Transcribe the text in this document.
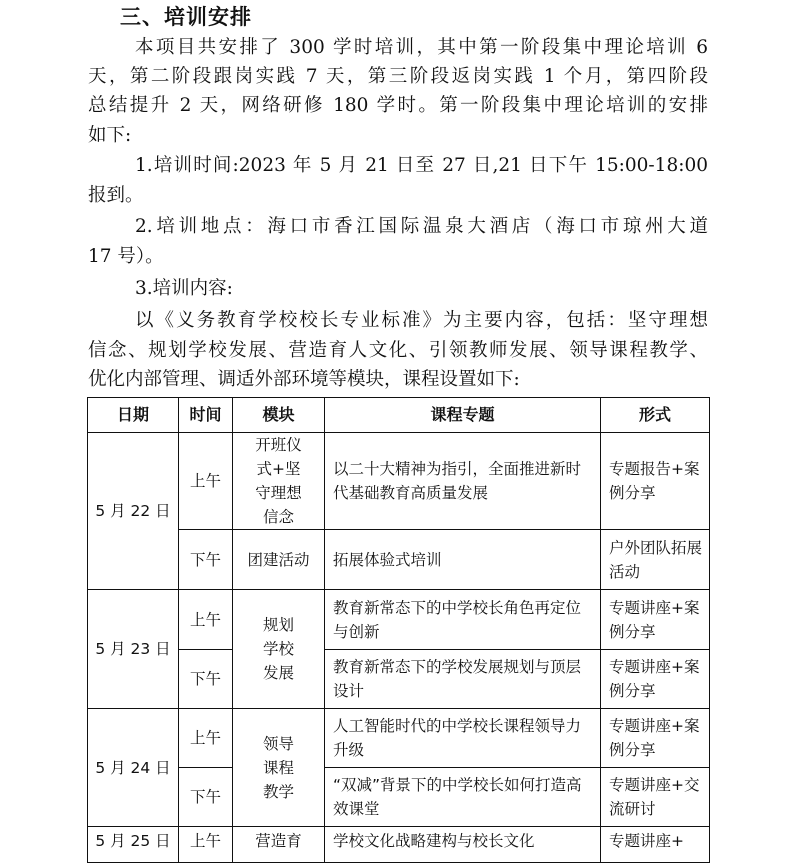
三、培训安排
本项目共安排了 300 学时培训，其中第一阶段集中理论培训 6
天，第二阶段跟岗实践 7 天，第三阶段返岗实践 1 个月，第四阶段
总结提升 2 天，网络研修 180 学时。第一阶段集中理论培训的安排
如下:
1.培训时间:2023 年 5 月 21 日至 27 日,21 日下午 15:00-18:00
报到。
2.培训地点：海口市香江国际温泉大酒店（海口市琼州大道
17 号）。
3.培训内容:
以《义务教育学校校长专业标准》为主要内容，包括：坚守理想
信念、规划学校发展、营造育人文化、引领教师发展、领导课程教学、
优化内部管理、调适外部环境等模块，课程设置如下:
日期	时间	模块	课程专题	形式
5 月 22 日	上午	开班仪式+坚守理想信念	以二十大精神为指引，全面推进新时代基础教育高质量发展	专题报告+案例分享
	下午	团建活动	拓展体验式培训	户外团队拓展活动
5 月 23 日	上午	规划学校发展	教育新常态下的中学校长角色再定位与创新	专题讲座+案例分享
	下午		教育新常态下的学校发展规划与顶层设计	专题讲座+案例分享
5 月 24 日	上午	领导课程教学	人工智能时代的中学校长课程领导力升级	专题讲座+案例分享
	下午		“双减”背景下的中学校长如何打造高效课堂	专题讲座+交流研讨
5 月 25 日	上午	营造育	学校文化战略建构与校长文化	专题讲座+
